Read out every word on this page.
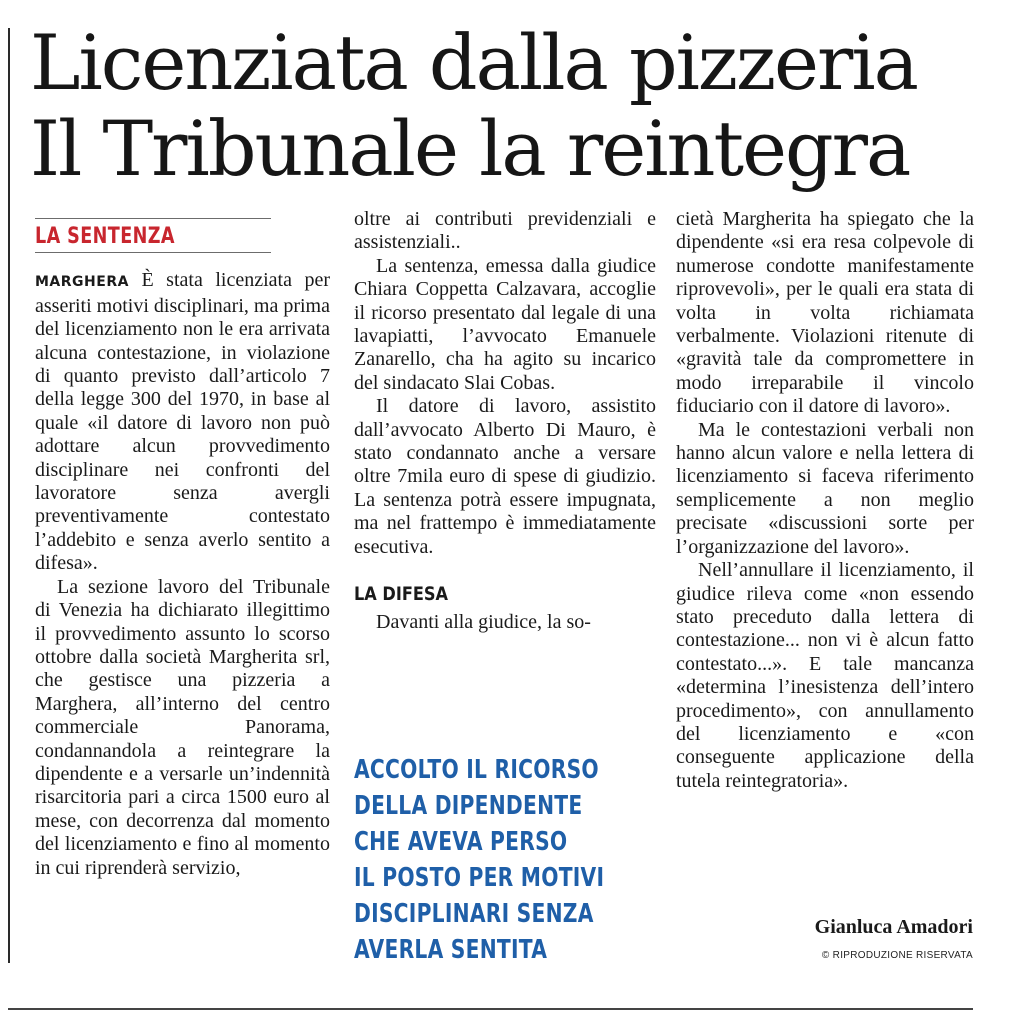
Licenziata dalla pizzeria
Il Tribunale la reintegra
LA SENTENZA

MARGHERA È stata licenziata per asseriti motivi disciplinari, ma prima del licenziamento non le era arrivata alcuna contestazione, in violazione di quanto previsto dall’articolo 7 della legge 300 del 1970, in base al quale «il datore di lavoro non può adottare alcun provvedimento disciplinare nei confronti del lavoratore senza avergli preventivamente contestato l’addebito e senza averlo sentito a difesa».

La sezione lavoro del Tribunale di Venezia ha dichiarato illegittimo il provvedimento assunto lo scorso ottobre dalla società Margherita srl, che gestisce una pizzeria a Marghera, all’interno del centro commerciale Panorama, condannandola a reintegrare la dipendente e a versarle un’indennità risarcitoria pari a circa 1500 euro al mese, con decorrenza dal momento del licenziamento e fino al momento in cui riprenderà servizio,

oltre ai contributi previdenziali e assistenziali..

La sentenza, emessa dalla giudice Chiara Coppetta Calzavara, accoglie il ricorso presentato dal legale di una lavapiatti, l’avvocato Emanuele Zanarello, cha ha agito su incarico del sindacato Slai Cobas.

Il datore di lavoro, assistito dall’avvocato Alberto Di Mauro, è stato condannato anche a versare oltre 7mila euro di spese di giudizio. La sentenza potrà essere impugnata, ma nel frattempo è immediatamente esecutiva.

LA DIFESA

Davanti alla giudice, la so-

ACCOLTO IL RICORSO
DELLA DIPENDENTE
CHE AVEVA PERSO
IL POSTO PER MOTIVI
DISCIPLINARI SENZA
AVERLA SENTITA

cietà Margherita ha spiegato che la dipendente «si era resa colpevole di numerose condotte manifestamente riprovevoli», per le quali era stata di volta in volta richiamata verbalmente. Violazioni ritenute di «gravità tale da compromettere in modo irreparabile il vincolo fiduciario con il datore di lavoro».

Ma le contestazioni verbali non hanno alcun valore e nella lettera di licenziamento si faceva riferimento semplicemente a non meglio precisate «discussioni sorte per l’organizzazione del lavoro».

Nell’annullare il licenziamento, il giudice rileva come «non essendo stato preceduto dalla lettera di contestazione... non vi è alcun fatto contestato...». E tale mancanza «determina l’inesistenza dell’intero procedimento», con annullamento del licenziamento e «con conseguente applicazione della tutela reintegratoria».

Gianluca Amadori
© RIPRODUZIONE RISERVATA
